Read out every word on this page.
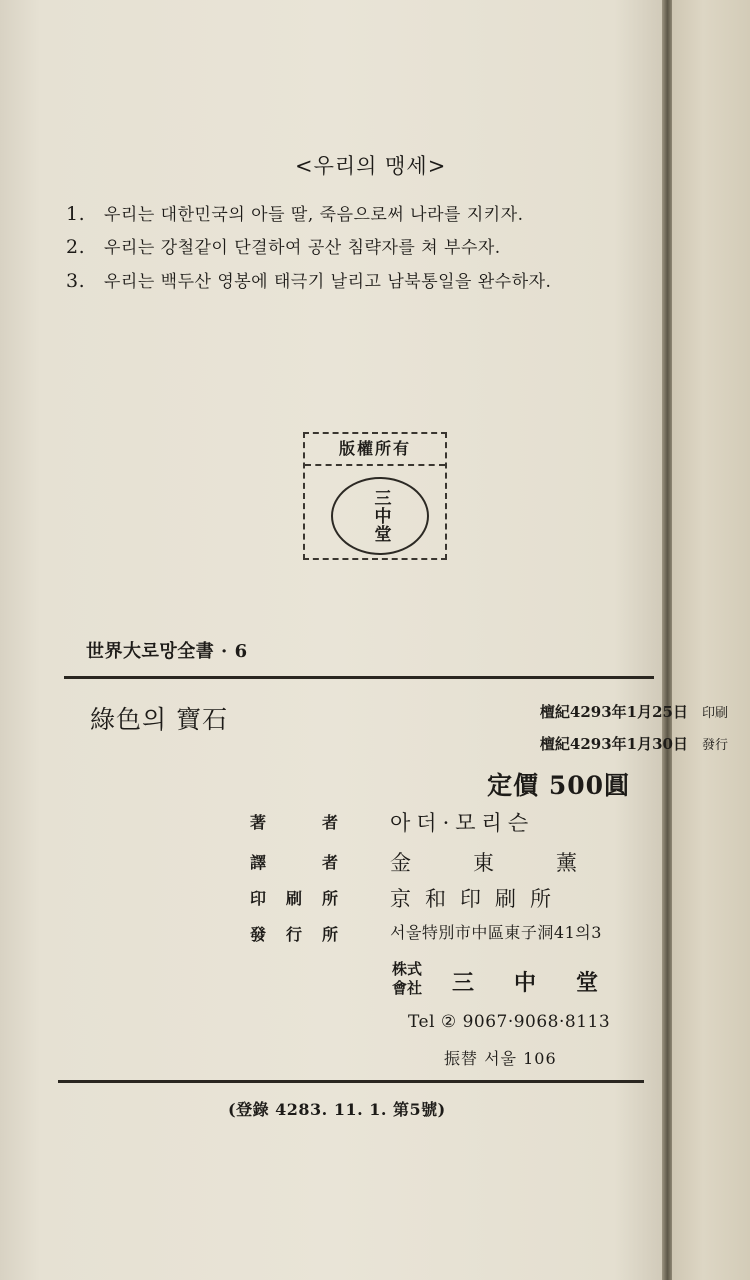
<우리의 맹세>
1. 우리는 대한민국의 아들 딸, 죽음으로써 나라를 지키자.
2. 우리는 강철같이 단결하여 공산 침략자를 쳐 부수자.
3. 우리는 백두산 영봉에 태극기 날리고 남북통일을 완수하자.
版權所有
三中堂
世界大로망全書 · 6
綠色의 寶石	檀紀4293年1月25日 印刷
檀紀4293年1月30日 發行
定價 500圓
著者 아더·모리슨
譯者 金東薰
印刷所 京和印刷所
發行所	서울特別市中區東子洞41의3
株式會社	三中堂
Tel ② 9067·9068·8113
振替 서울 106
(登錄 4283. 11. 1. 第5號)
